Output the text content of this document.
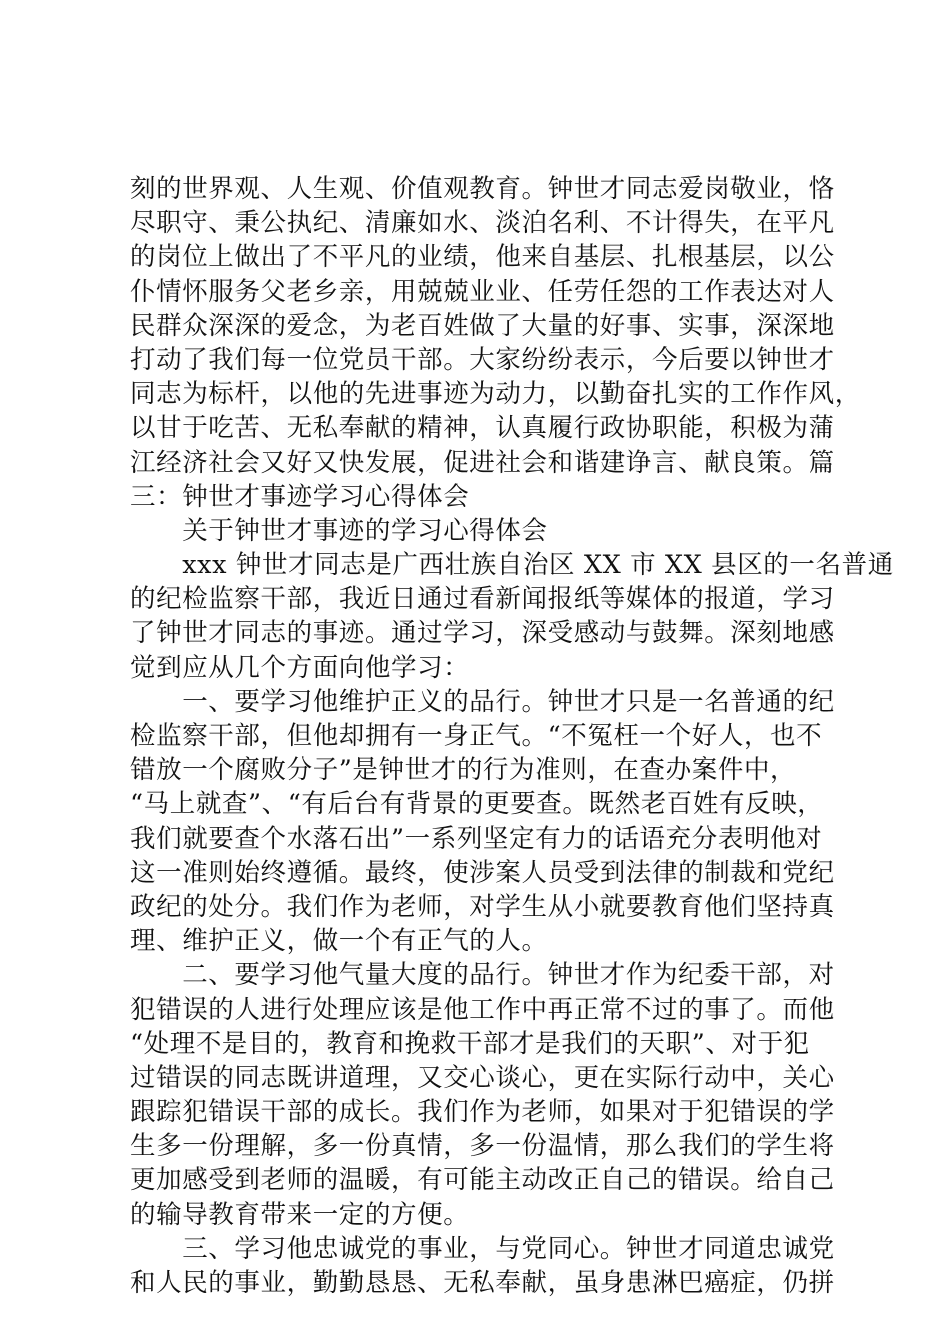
刻的世界观、人生观、价值观教育。钟世才同志爱岗敬业，恪
尽职守、秉公执纪、清廉如水、淡泊名利、不计得失，在平凡
的岗位上做出了不平凡的业绩，他来自基层、扎根基层，以公
仆情怀服务父老乡亲，用兢兢业业、任劳任怨的工作表达对人
民群众深深的爱念，为老百姓做了大量的好事、实事，深深地
打动了我们每一位党员干部。大家纷纷表示，今后要以钟世才
同志为标杆，以他的先进事迹为动力，以勤奋扎实的工作作风，
以甘于吃苦、无私奉献的精神，认真履行政协职能，积极为蒲
江经济社会又好又快发展，促进社会和谐建诤言、献良策。篇
三：钟世才事迹学习心得体会
　　关于钟世才事迹的学习心得体会
　　xxx 钟世才同志是广西壮族自治区 XX 市 XX 县区的一名普通
的纪检监察干部，我近日通过看新闻报纸等媒体的报道，学习
了钟世才同志的事迹。通过学习，深受感动与鼓舞。深刻地感
觉到应从几个方面向他学习：
　　一、要学习他维护正义的品行。钟世才只是一名普通的纪
检监察干部，但他却拥有一身正气。“不冤枉一个好人，也不
错放一个腐败分子”是钟世才的行为准则，在查办案件中，
“马上就查”、“有后台有背景的更要查。既然老百姓有反映，
我们就要查个水落石出”一系列坚定有力的话语充分表明他对
这一准则始终遵循。最终，使涉案人员受到法律的制裁和党纪
政纪的处分。我们作为老师，对学生从小就要教育他们坚持真
理、维护正义，做一个有正气的人。
　　二、要学习他气量大度的品行。钟世才作为纪委干部，对
犯错误的人进行处理应该是他工作中再正常不过的事了。而他
“处理不是目的，教育和挽救干部才是我们的天职”、对于犯
过错误的同志既讲道理，又交心谈心，更在实际行动中，关心
跟踪犯错误干部的成长。我们作为老师，如果对于犯错误的学
生多一份理解，多一份真情，多一份温情，那么我们的学生将
更加感受到老师的温暖，有可能主动改正自己的错误。给自己
的输导教育带来一定的方便。
　　三、学习他忠诚党的事业，与党同心。钟世才同道忠诚党
和人民的事业，勤勤恳恳、无私奉献，虽身患淋巴癌症，仍拼
